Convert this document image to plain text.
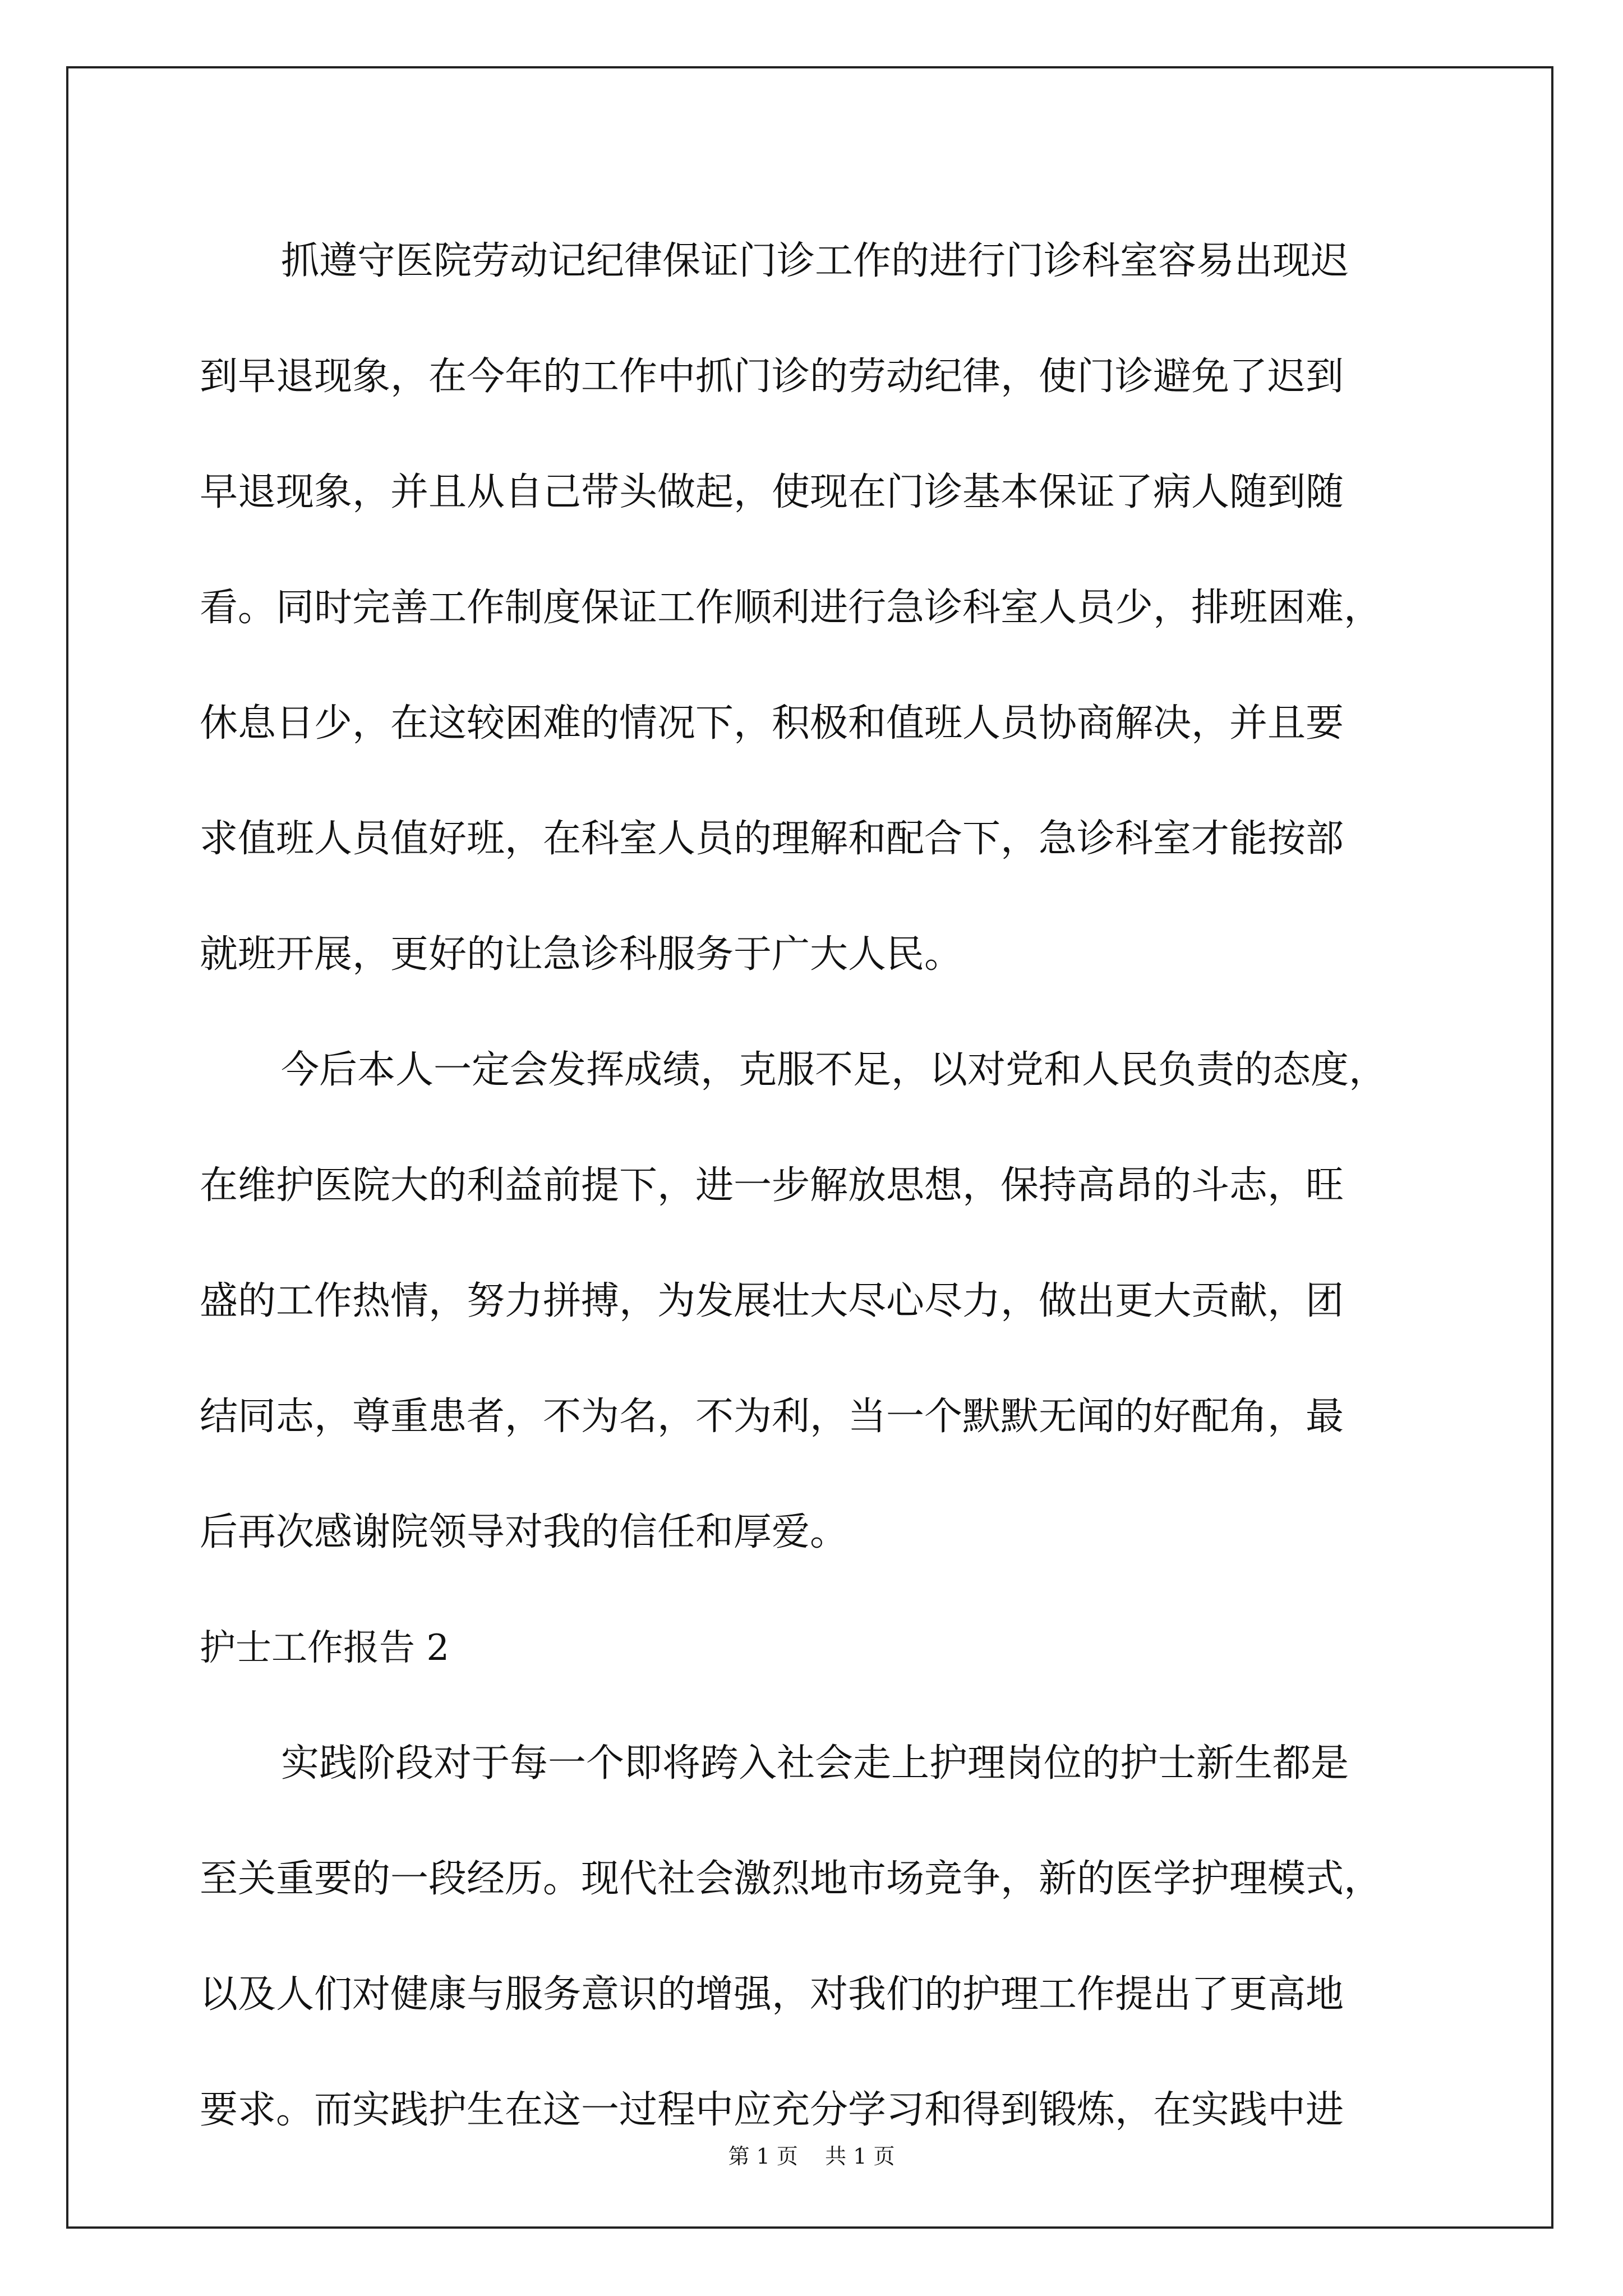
抓遵守医院劳动记纪律保证门诊工作的进行门诊科室容易出现迟
到早退现象，在今年的工作中抓门诊的劳动纪律，使门诊避免了迟到
早退现象，并且从自己带头做起，使现在门诊基本保证了病人随到随
看。同时完善工作制度保证工作顺利进行急诊科室人员少，排班困难，
休息日少，在这较困难的情况下，积极和值班人员协商解决，并且要
求值班人员值好班，在科室人员的理解和配合下，急诊科室才能按部
就班开展，更好的让急诊科服务于广大人民。
今后本人一定会发挥成绩，克服不足，以对党和人民负责的态度，
在维护医院大的利益前提下，进一步解放思想，保持高昂的斗志，旺
盛的工作热情，努力拼搏，为发展壮大尽心尽力，做出更大贡献，团
结同志，尊重患者，不为名，不为利，当一个默默无闻的好配角，最
后再次感谢院领导对我的信任和厚爱。
护士工作报告 2
实践阶段对于每一个即将跨入社会走上护理岗位的护士新生都是
至关重要的一段经历。现代社会激烈地市场竞争，新的医学护理模式，
以及人们对健康与服务意识的增强，对我们的护理工作提出了更高地
要求。而实践护生在这一过程中应充分学习和得到锻炼，在实践中进
第 1 页    共 1 页
